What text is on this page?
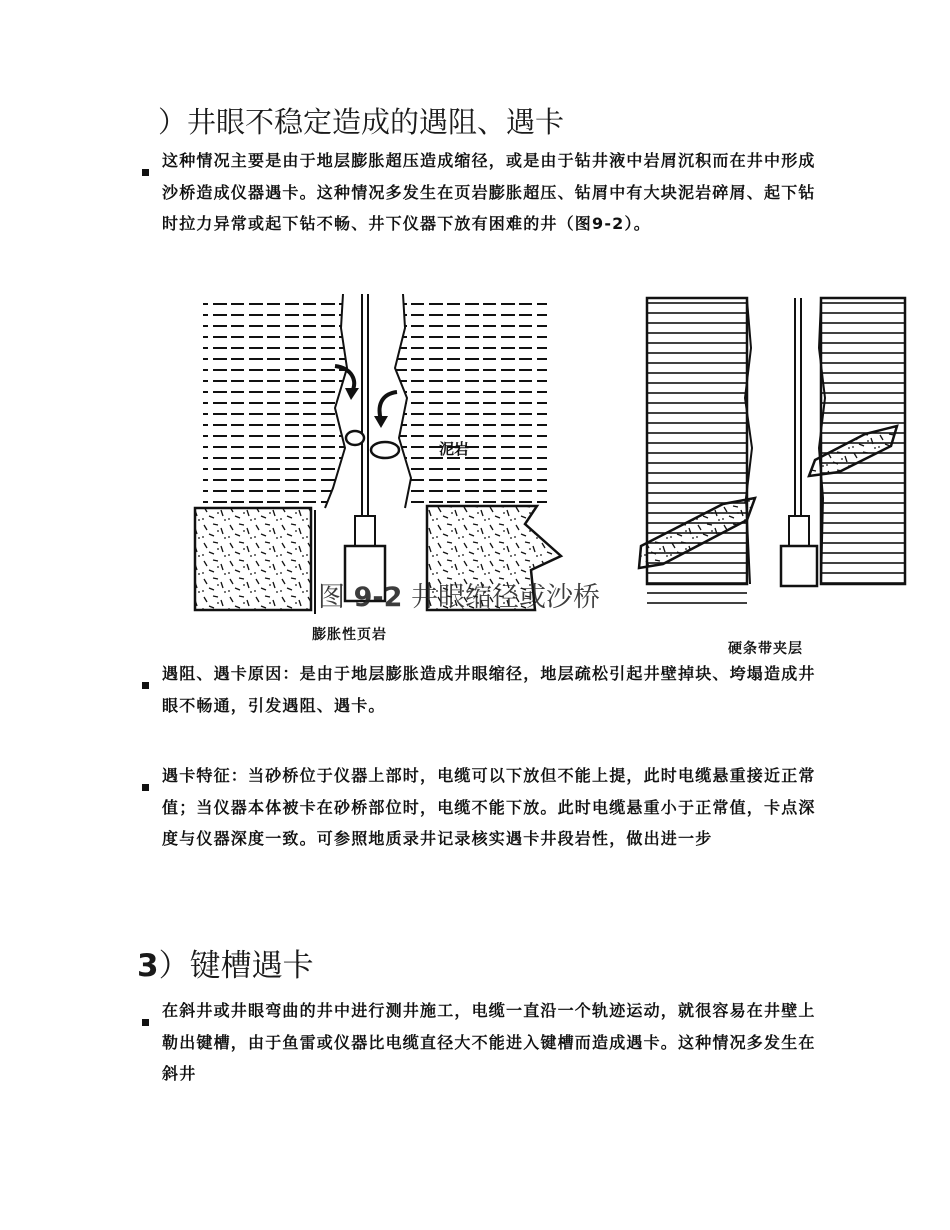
）井眼不稳定造成的遇阻、遇卡
这种情况主要是由于地层膨胀超压造成缩径，或是由于钻井液中岩屑沉积而在井中形成沙桥造成仪器遇卡。这种情况多发生在页岩膨胀超压、钻屑中有大块泥岩碎屑、起下钻时拉力异常或起下钻不畅、井下仪器下放有困难的井（图9-2）。
泥岩
膨胀性页岩
硬条带夹层
图 9-2 井眼缩径或沙桥
遇阻、遇卡原因：是由于地层膨胀造成井眼缩径，地层疏松引起井壁掉块、垮塌造成井眼不畅通，引发遇阻、遇卡。
遇卡特征：当砂桥位于仪器上部时，电缆可以下放但不能上提，此时电缆悬重接近正常值；当仪器本体被卡在砂桥部位时，电缆不能下放。此时电缆悬重小于正常值，卡点深度与仪器深度一致。可参照地质录井记录核实遇卡井段岩性，做出进一步
3）键槽遇卡
在斜井或井眼弯曲的井中进行测井施工，电缆一直沿一个轨迹运动，就很容易在井壁上勒出键槽，由于鱼雷或仪器比电缆直径大不能进入键槽而造成遇卡。这种情况多发生在斜井
